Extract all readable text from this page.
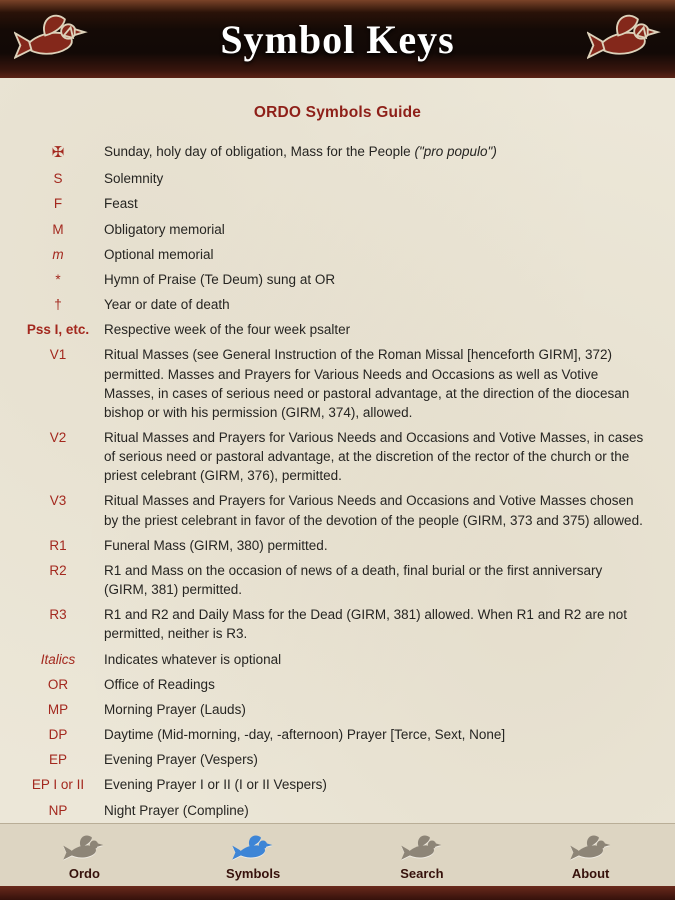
Symbol Keys
ORDO Symbols Guide
✠	Sunday, holy day of obligation, Mass for the People ("pro populo")
S	Solemnity
F	Feast
M	Obligatory memorial
m	Optional memorial
*	Hymn of Praise (Te Deum) sung at OR
†	Year or date of death
Pss I, etc.	Respective week of the four week psalter
V1	Ritual Masses (see General Instruction of the Roman Missal [henceforth GIRM], 372) permitted. Masses and Prayers for Various Needs and Occasions as well as Votive Masses, in cases of serious need or pastoral advantage, at the direction of the diocesan bishop or with his permission (GIRM, 374), allowed.
V2	Ritual Masses and Prayers for Various Needs and Occasions and Votive Masses, in cases of serious need or pastoral advantage, at the discretion of the rector of the church or the priest celebrant (GIRM, 376), permitted.
V3	Ritual Masses and Prayers for Various Needs and Occasions and Votive Masses chosen by the priest celebrant in favor of the devotion of the people (GIRM, 373 and 375) allowed.
R1	Funeral Mass (GIRM, 380) permitted.
R2	R1 and Mass on the occasion of news of a death, final burial or the first anniversary (GIRM, 381) permitted.
R3	R1 and R2 and Daily Mass for the Dead (GIRM, 381) allowed. When R1 and R2 are not permitted, neither is R3.
Italics	Indicates whatever is optional
OR	Office of Readings
MP	Morning Prayer (Lauds)
DP	Daytime (Mid-morning, -day, -afternoon) Prayer [Terce, Sext, None]
EP	Evening Prayer (Vespers)
EP I or II	Evening Prayer I or II (I or II Vespers)
NP	Night Prayer (Compline)
Ordo	Symbols	Search	About
